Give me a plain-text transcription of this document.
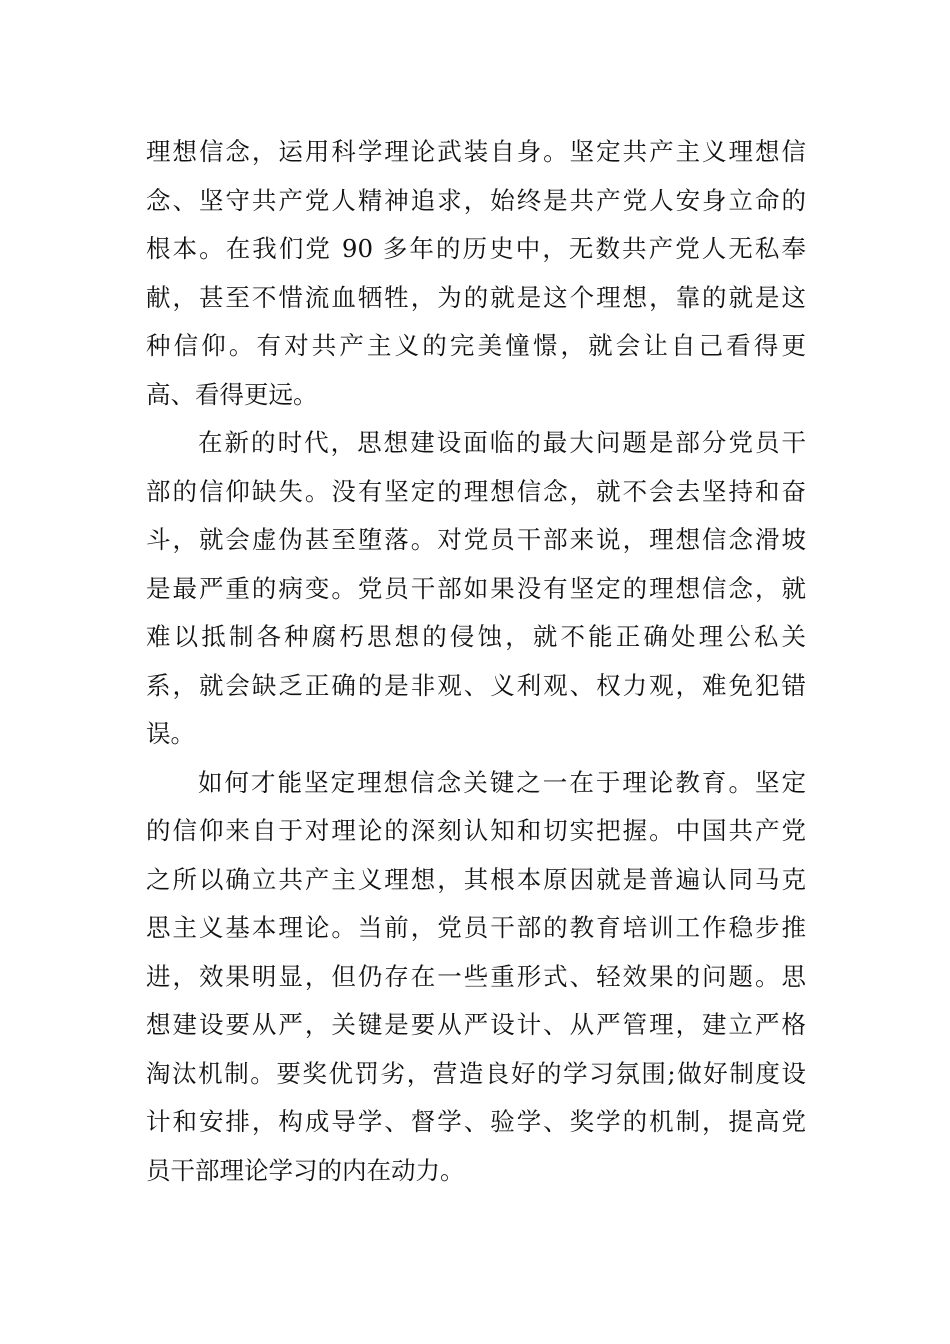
理想信念，运用科学理论武装自身。坚定共产主义理想信
念、坚守共产党人精神追求，始终是共产党人安身立命的
根本。在我们党 90 多年的历史中，无数共产党人无私奉
献，甚至不惜流血牺牲，为的就是这个理想，靠的就是这
种信仰。有对共产主义的完美憧憬，就会让自己看得更
高、看得更远。
在新的时代，思想建设面临的最大问题是部分党员干
部的信仰缺失。没有坚定的理想信念，就不会去坚持和奋
斗，就会虚伪甚至堕落。对党员干部来说，理想信念滑坡
是最严重的病变。党员干部如果没有坚定的理想信念，就
难以抵制各种腐朽思想的侵蚀，就不能正确处理公私关
系，就会缺乏正确的是非观、义利观、权力观，难免犯错
误。
如何才能坚定理想信念关键之一在于理论教育。坚定
的信仰来自于对理论的深刻认知和切实把握。中国共产党
之所以确立共产主义理想，其根本原因就是普遍认同马克
思主义基本理论。当前，党员干部的教育培训工作稳步推
进，效果明显，但仍存在一些重形式、轻效果的问题。思
想建设要从严，关键是要从严设计、从严管理，建立严格
淘汰机制。要奖优罚劣，营造良好的学习氛围;做好制度设
计和安排，构成导学、督学、验学、奖学的机制，提高党
员干部理论学习的内在动力。
